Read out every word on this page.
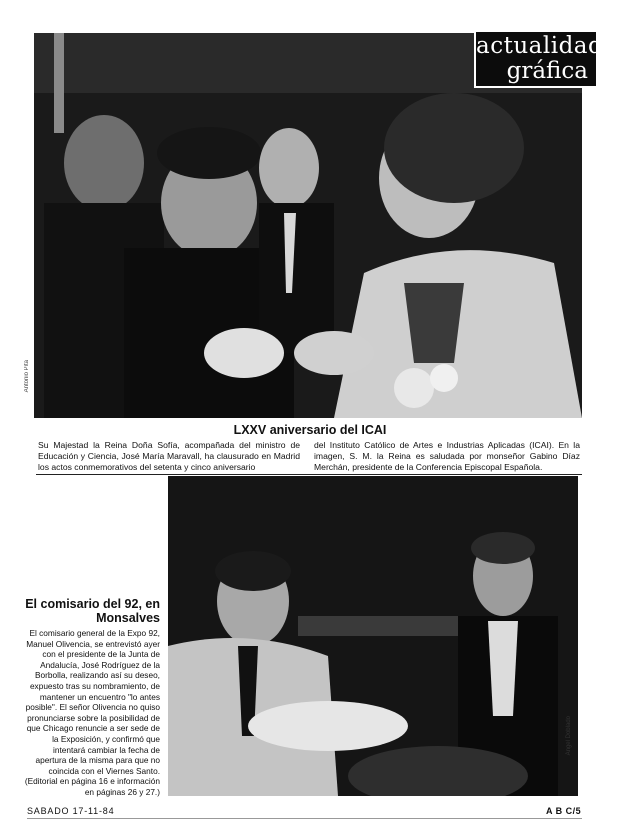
Antonio Pita
actualidad
gráfica
LXXV aniversario del ICAI
Su Majestad la Reina Doña Sofía, acompañada del ministro de Educación y Ciencia, José María Maravall, ha clausurado en Madrid los actos conmemorativos del setenta y cinco aniversario
del Instituto Católico de Artes e Industrias Aplicadas (ICAI). En la imagen, S. M. la Reina es saludada por monseñor Gabino Díaz Merchán, presidente de la Conferencia Episcopal Española.
Ángel Doblado
El comisario del 92, en Monsalves
El comisario general de la Expo 92, Manuel Olivencia, se entrevistó ayer con el presidente de la Junta de Andalucía, José Rodríguez de la Borbolla, realizando así su deseo, expuesto tras su nombramiento, de mantener un encuentro "lo antes posible". El señor Olivencia no quiso pronunciarse sobre la posibilidad de que Chicago renuncie a ser sede de la Exposición, y confirmó que intentará cambiar la fecha de apertura de la misma para que no coincida con el Viernes Santo. (Editorial en página 16 e información en páginas 26 y 27.)
SABADO 17-11-84	A B C/5
